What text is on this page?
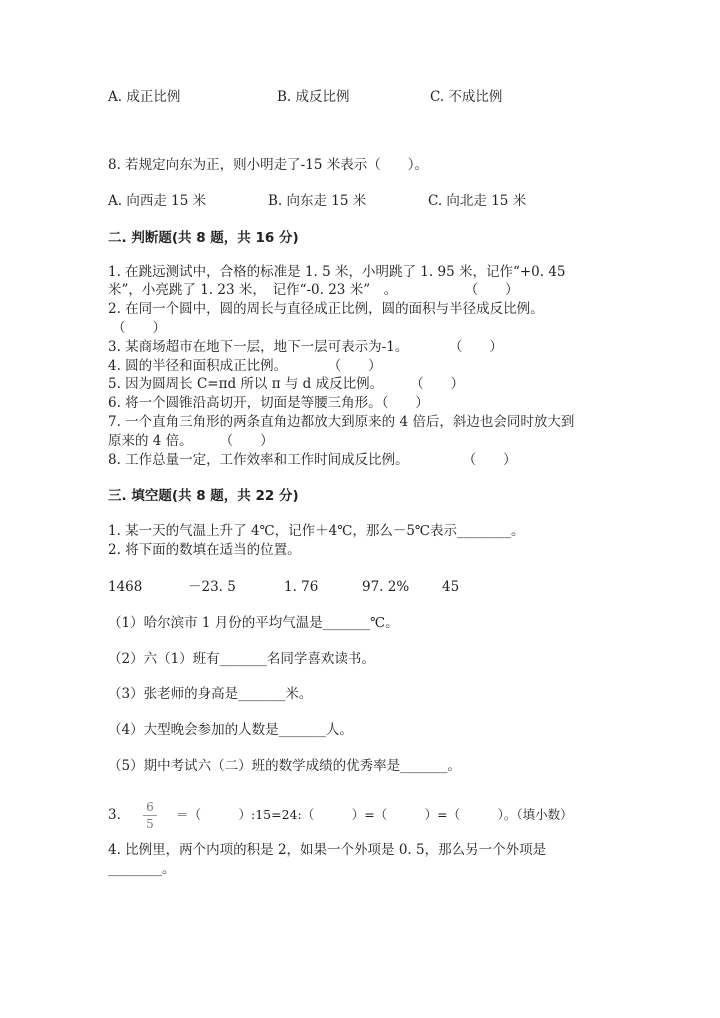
A. 成正比例	B. 成反比例	C. 不成比例
8. 若规定向东为正，则小明走了-15 米表示（　　）。
A. 向西走 15 米	B. 向东走 15 米	C. 向北走 15 米
二. 判断题(共 8 题，共 16 分)
1. 在跳远测试中，合格的标准是 1. 5 米，小明跳了 1. 95 米，记作“+0. 45
米”，小亮跳了 1. 23 米，　记作“-0. 23 米”　。　　　　　　（　　）
2. 在同一个圆中，圆的周长与直径成正比例，圆的面积与半径成反比例。
（　　）
3. 某商场超市在地下一层，地下一层可表示为-1。　　　　（　　）
4. 圆的半径和面积成正比例。　　　　（　　）
5. 因为圆周长 C=πd 所以 π 与 d 成反比例。　　　（　　）
6. 将一个圆锥沿高切开，切面是等腰三角形。（　　）
7. 一个直角三角形的两条直角边都放大到原来的 4 倍后，斜边也会同时放大到
原来的 4 倍。　　　（　　）
8. 工作总量一定，工作效率和工作时间成反比例。　　　　　（　　）
三. 填空题(共 8 题，共 22 分)
1. 某一天的气温上升了 4℃，记作＋4℃，那么－5℃表示________。
2. 将下面的数填在适当的位置。
1468	－23. 5	1. 76	97. 2% 45
（1）哈尔滨市 1 月份的平均气温是_______℃。
（2）六（1）班有_______名同学喜欢读书。
（3）张老师的身高是_______米。
（4）大型晚会参加的人数是_______人。
（5）期中考试六（二）班的数学成绩的优秀率是_______。
3. 6
5
＝（　　　）:15=24:（　　　）=（　　　）=（　　　）。（填小数）
4. 比例里，两个内项的积是 2，如果一个外项是 0. 5，那么另一个外项是
________。
